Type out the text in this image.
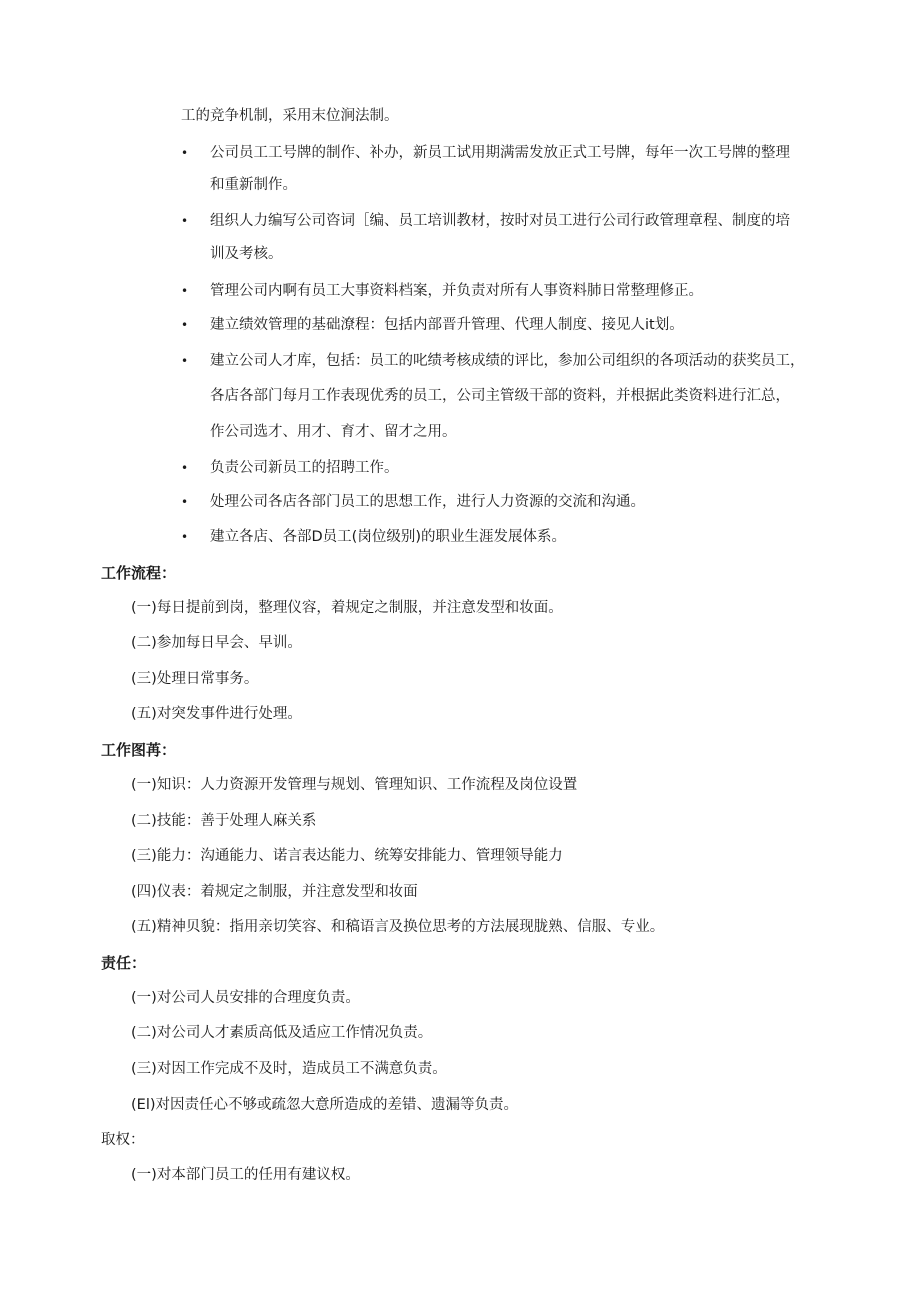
工的竞争机制，采用末位涧法制。
• 公司员工工号牌的制作、补办，新员工试用期满需发放正式工号牌，每年一次工号牌的整理
和重新制作。
• 组织人力编写公司咨词［编、员工培训教材，按时对员工进行公司行政管理章程、制度的培
训及考核。
• 管理公司内啊有员工大事资料档案，并负责对所有人事资料肺日常整理修正。
• 建立绩效管理的基础潦程：包括内部晋升管理、代理人制度、接见人it划。
• 建立公司人才库，包括：员工的叱绩考核成绩的评比，参加公司组织的各项活动的获奖员工，
各店各部门每月工作表现优秀的员工，公司主管级干部的资料，并根据此类资料进行汇总，
作公司选才、用才、育才、留才之用。
• 负责公司新员工的招聘工作。
• 处理公司各店各部门员工的思想工作，进行人力资源的交流和沟通。
• 建立各店、各部D员工(岗位级别)的职业生涯发展体系。
工作流程：
(一)每日提前到岗，整理仪容，着规定之制服，并注意发型和妆面。
(二)参加每日早会、早训。
(三)处理日常事务。
(五)对突发事件进行处理。
工作图苒：
(一)知识：人力资源开发管理与规划、管理知识、工作流程及岗位设置
(二)技能：善于处理人麻关系
(三)能力：沟通能力、诺言表达能力、统筹安排能力、管理领导能力
(四)仪表：着规定之制服，并注意发型和妆面
(五)精神贝貌：指用亲切笑容、和稿语言及换位思考的方法展现胧熟、信服、专业。
责任：
(一)对公司人员安排的合理度负责。
(二)对公司人才素质高低及适应工作情况负责。
(三)对因工作完成不及时，造成员工不满意负责。
(El)对因责任心不够或疏忽大意所造成的差错、遗漏等负责。
取权：
(一)对本部门员工的任用有建议权。
